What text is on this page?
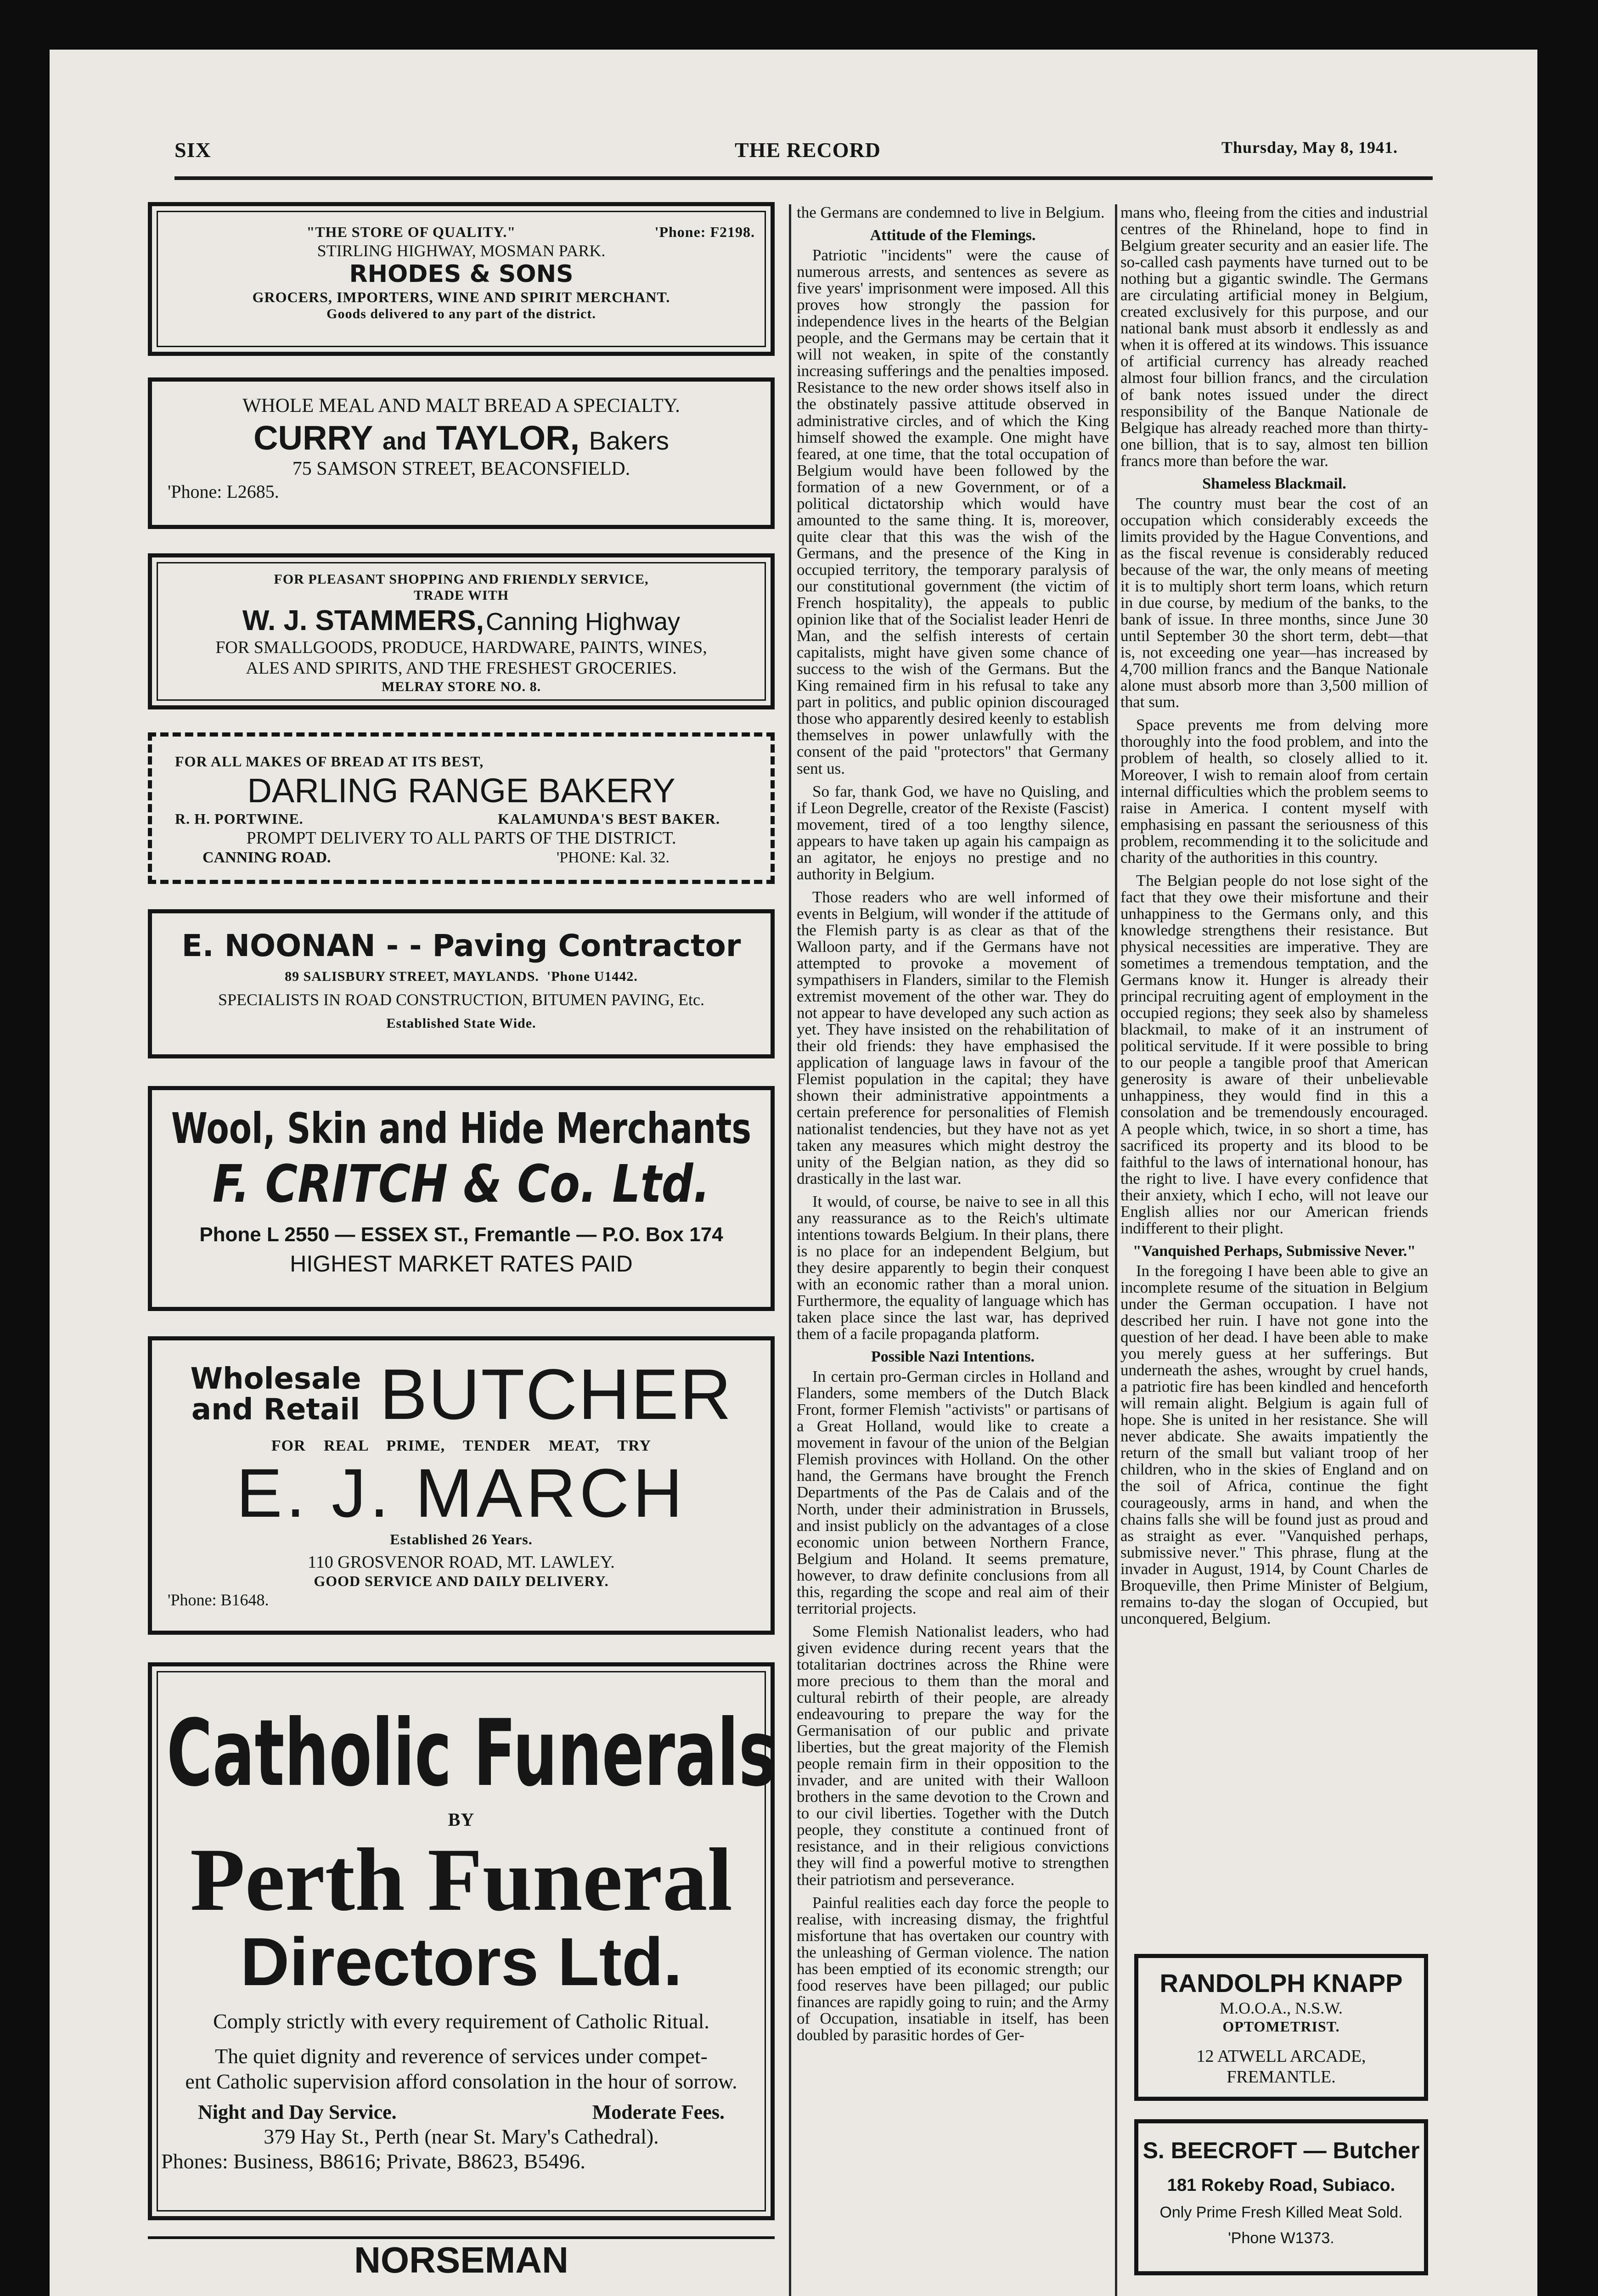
SIX	THE RECORD	Thursday, May 8, 1941.
"THE STORE OF QUALITY."	'Phone: F2198.
STIRLING HIGHWAY, MOSMAN PARK.
RHODES & SONS
GROCERS, IMPORTERS, WINE AND SPIRIT MERCHANT.
Goods delivered to any part of the district.
WHOLE MEAL AND MALT BREAD A SPECIALTY.
CURRY and TAYLOR, Bakers
75 SAMSON STREET, BEACONSFIELD.
'Phone: L2685.
FOR PLEASANT SHOPPING AND FRIENDLY SERVICE,
TRADE WITH
W. J. STAMMERS, Canning Highway
FOR SMALLGOODS, PRODUCE, HARDWARE, PAINTS, WINES,
ALES AND SPIRITS, AND THE FRESHEST GROCERIES.
MELRAY STORE NO. 8.
FOR ALL MAKES OF BREAD AT ITS BEST,
DARLING RANGE BAKERY
R. H. PORTWINE.	KALAMUNDA'S BEST BAKER.
PROMPT DELIVERY TO ALL PARTS OF THE DISTRICT.
CANNING ROAD.	'PHONE: Kal. 32.
E. NOONAN - - Paving Contractor
89 SALISBURY STREET, MAYLANDS. 'Phone U1442.
SPECIALISTS IN ROAD CONSTRUCTION, BITUMEN PAVING, Etc.
Established State Wide.
Wool, Skin and Hide Merchants
F. CRITCH & Co. Ltd.
Phone L 2550 — ESSEX ST., Fremantle — P.O. Box 174
HIGHEST MARKET RATES PAID
Wholesale
and Retail BUTCHER
FOR REAL PRIME, TENDER MEAT, TRY
E. J. MARCH
Established 26 Years.
110 GROSVENOR ROAD, MT. LAWLEY.
GOOD SERVICE AND DAILY DELIVERY.
'Phone: B1648.
Catholic Funerals
BY
Perth Funeral
Directors Ltd.
Comply strictly with every requirement of Catholic Ritual.
The quiet dignity and reverence of services under compet-
ent Catholic supervision afford consolation in the hour of sorrow.
Night and Day Service.	Moderate Fees.
379 Hay St., Perth (near St. Mary's Cathedral).
Phones: Business, B8616; Private, B8623, B5496.
NORSEMAN

the Germans are condemned to live in Belgium.

Attitude of the Flemings.

Patriotic "incidents" were the cause of numerous arrests, and sentences as severe as five years' imprisonment were imposed. All this proves how strongly the passion for independence lives in the hearts of the Belgian people, and the Germans may be certain that it will not weaken, in spite of the constantly increasing sufferings and the penalties imposed. Resistance to the new order shows itself also in the obstinately passive attitude observed in administrative circles, and of which the King himself showed the example. One might have feared, at one time, that the total occupation of Belgium would have been followed by the formation of a new Government, or of a political dictatorship which would have amounted to the same thing. It is, moreover, quite clear that this was the wish of the Germans, and the presence of the King in occupied territory, the temporary paralysis of our constitutional government (the victim of French hospitality), the appeals to public opinion like that of the Socialist leader Henri de Man, and the selfish interests of certain capitalists, might have given some chance of success to the wish of the Germans. But the King remained firm in his refusal to take any part in politics, and public opinion discouraged those who apparently desired keenly to establish themselves in power unlawfully with the consent of the paid "protectors" that Germany sent us.

So far, thank God, we have no Quisling, and if Leon Degrelle, creator of the Rexiste (Fascist) movement, tired of a too lengthy silence, appears to have taken up again his campaign as an agitator, he enjoys no prestige and no authority in Belgium.

Those readers who are well informed of events in Belgium, will wonder if the attitude of the Flemish party is as clear as that of the Walloon party, and if the Germans have not attempted to provoke a movement of sympathisers in Flanders, similar to the Flemish extremist movement of the other war. They do not appear to have developed any such action as yet. They have insisted on the rehabilitation of their old friends: they have emphasised the application of language laws in favour of the Flemist population in the capital; they have shown their administrative appointments a certain preference for personalities of Flemish nationalist tendencies, but they have not as yet taken any measures which might destroy the unity of the Belgian nation, as they did so drastically in the last war.

It would, of course, be naive to see in all this any reassurance as to the Reich's ultimate intentions towards Belgium. In their plans, there is no place for an independent Belgium, but they desire apparently to begin their conquest with an economic rather than a moral union. Furthermore, the equality of language which has taken place since the last war, has deprived them of a facile propaganda platform.

Possible Nazi Intentions.

In certain pro-German circles in Holland and Flanders, some members of the Dutch Black Front, former Flemish "activists" or partisans of a Great Holland, would like to create a movement in favour of the union of the Belgian Flemish provinces with Holland. On the other hand, the Germans have brought the French Departments of the Pas de Calais and of the North, under their administration in Brussels, and insist publicly on the advantages of a close economic union between Northern France, Belgium and Holand. It seems premature, however, to draw definite conclusions from all this, regarding the scope and real aim of their territorial projects.

Some Flemish Nationalist leaders, who had given evidence during recent years that the totalitarian doctrines across the Rhine were more precious to them than the moral and cultural rebirth of their people, are already endeavouring to prepare the way for the Germanisation of our public and private liberties, but the great majority of the Flemish people remain firm in their opposition to the invader, and are united with their Walloon brothers in the same devotion to the Crown and to our civil liberties. Together with the Dutch people, they constitute a continued front of resistance, and in their religious convictions they will find a powerful motive to strengthen their patriotism and perseverance.

Painful realities each day force the people to realise, with increasing dismay, the frightful misfortune that has overtaken our country with the unleashing of German violence. The nation has been emptied of its economic strength; our food reserves have been pillaged; our public finances are rapidly going to ruin; and the Army of Occupation, insatiable in itself, has been doubled by parasitic hordes of Ger-

mans who, fleeing from the cities and industrial centres of the Rhineland, hope to find in Belgium greater security and an easier life. The so-called cash payments have turned out to be nothing but a gigantic swindle. The Germans are circulating artificial money in Belgium, created exclusively for this purpose, and our national bank must absorb it endlessly as and when it is offered at its windows. This issuance of artificial currency has already reached almost four billion francs, and the circulation of bank notes issued under the direct responsibility of the Banque Nationale de Belgique has already reached more than thirty-one billion, that is to say, almost ten billion francs more than before the war.

Shameless Blackmail.

The country must bear the cost of an occupation which considerably exceeds the limits provided by the Hague Conventions, and as the fiscal revenue is considerably reduced because of the war, the only means of meeting it is to multiply short term loans, which return in due course, by medium of the banks, to the bank of issue. In three months, since June 30 until September 30 the short term, debt—that is, not exceeding one year—has increased by 4,700 million francs and the Banque Nationale alone must absorb more than 3,500 million of that sum.

Space prevents me from delving more thoroughly into the food problem, and into the problem of health, so closely allied to it. Moreover, I wish to remain aloof from certain internal difficulties which the problem seems to raise in America. I content myself with emphasising en passant the seriousness of this problem, recommending it to the solicitude and charity of the authorities in this country.

The Belgian people do not lose sight of the fact that they owe their misfortune and their unhappiness to the Germans only, and this knowledge strengthens their resistance. But physical necessities are imperative. They are sometimes a tremendous temptation, and the Germans know it. Hunger is already their principal recruiting agent of employment in the occupied regions; they seek also by shameless blackmail, to make of it an instrument of political servitude. If it were possible to bring to our people a tangible proof that American generosity is aware of their unbelievable unhappiness, they would find in this a consolation and be tremendously encouraged. A people which, twice, in so short a time, has sacrificed its property and its blood to be faithful to the laws of international honour, has the right to live. I have every confidence that their anxiety, which I echo, will not leave our English allies nor our American friends indifferent to their plight.

"Vanquished Perhaps, Submissive Never."

In the foregoing I have been able to give an incomplete resume of the situation in Belgium under the German occupation. I have not described her ruin. I have not gone into the question of her dead. I have been able to make you merely guess at her sufferings. But underneath the ashes, wrought by cruel hands, a patriotic fire has been kindled and henceforth will remain alight. Belgium is again full of hope. She is united in her resistance. She will never abdicate. She awaits impatiently the return of the small but valiant troop of her children, who in the skies of England and on the soil of Africa, continue the fight courageously, arms in hand, and when the chains falls she will be found just as proud and as straight as ever. "Vanquished perhaps, submissive never." This phrase, flung at the invader in August, 1914, by Count Charles de Broqueville, then Prime Minister of Belgium, remains to-day the slogan of Occupied, but unconquered, Belgium.

RANDOLPH KNAPP
M.O.O.A., N.S.W.
OPTOMETRIST.
12 ATWELL ARCADE,
FREMANTLE.
S. BEECROFT — Butcher
181 Rokeby Road, Subiaco.
Only Prime Fresh Killed Meat Sold.
'Phone W1373.
